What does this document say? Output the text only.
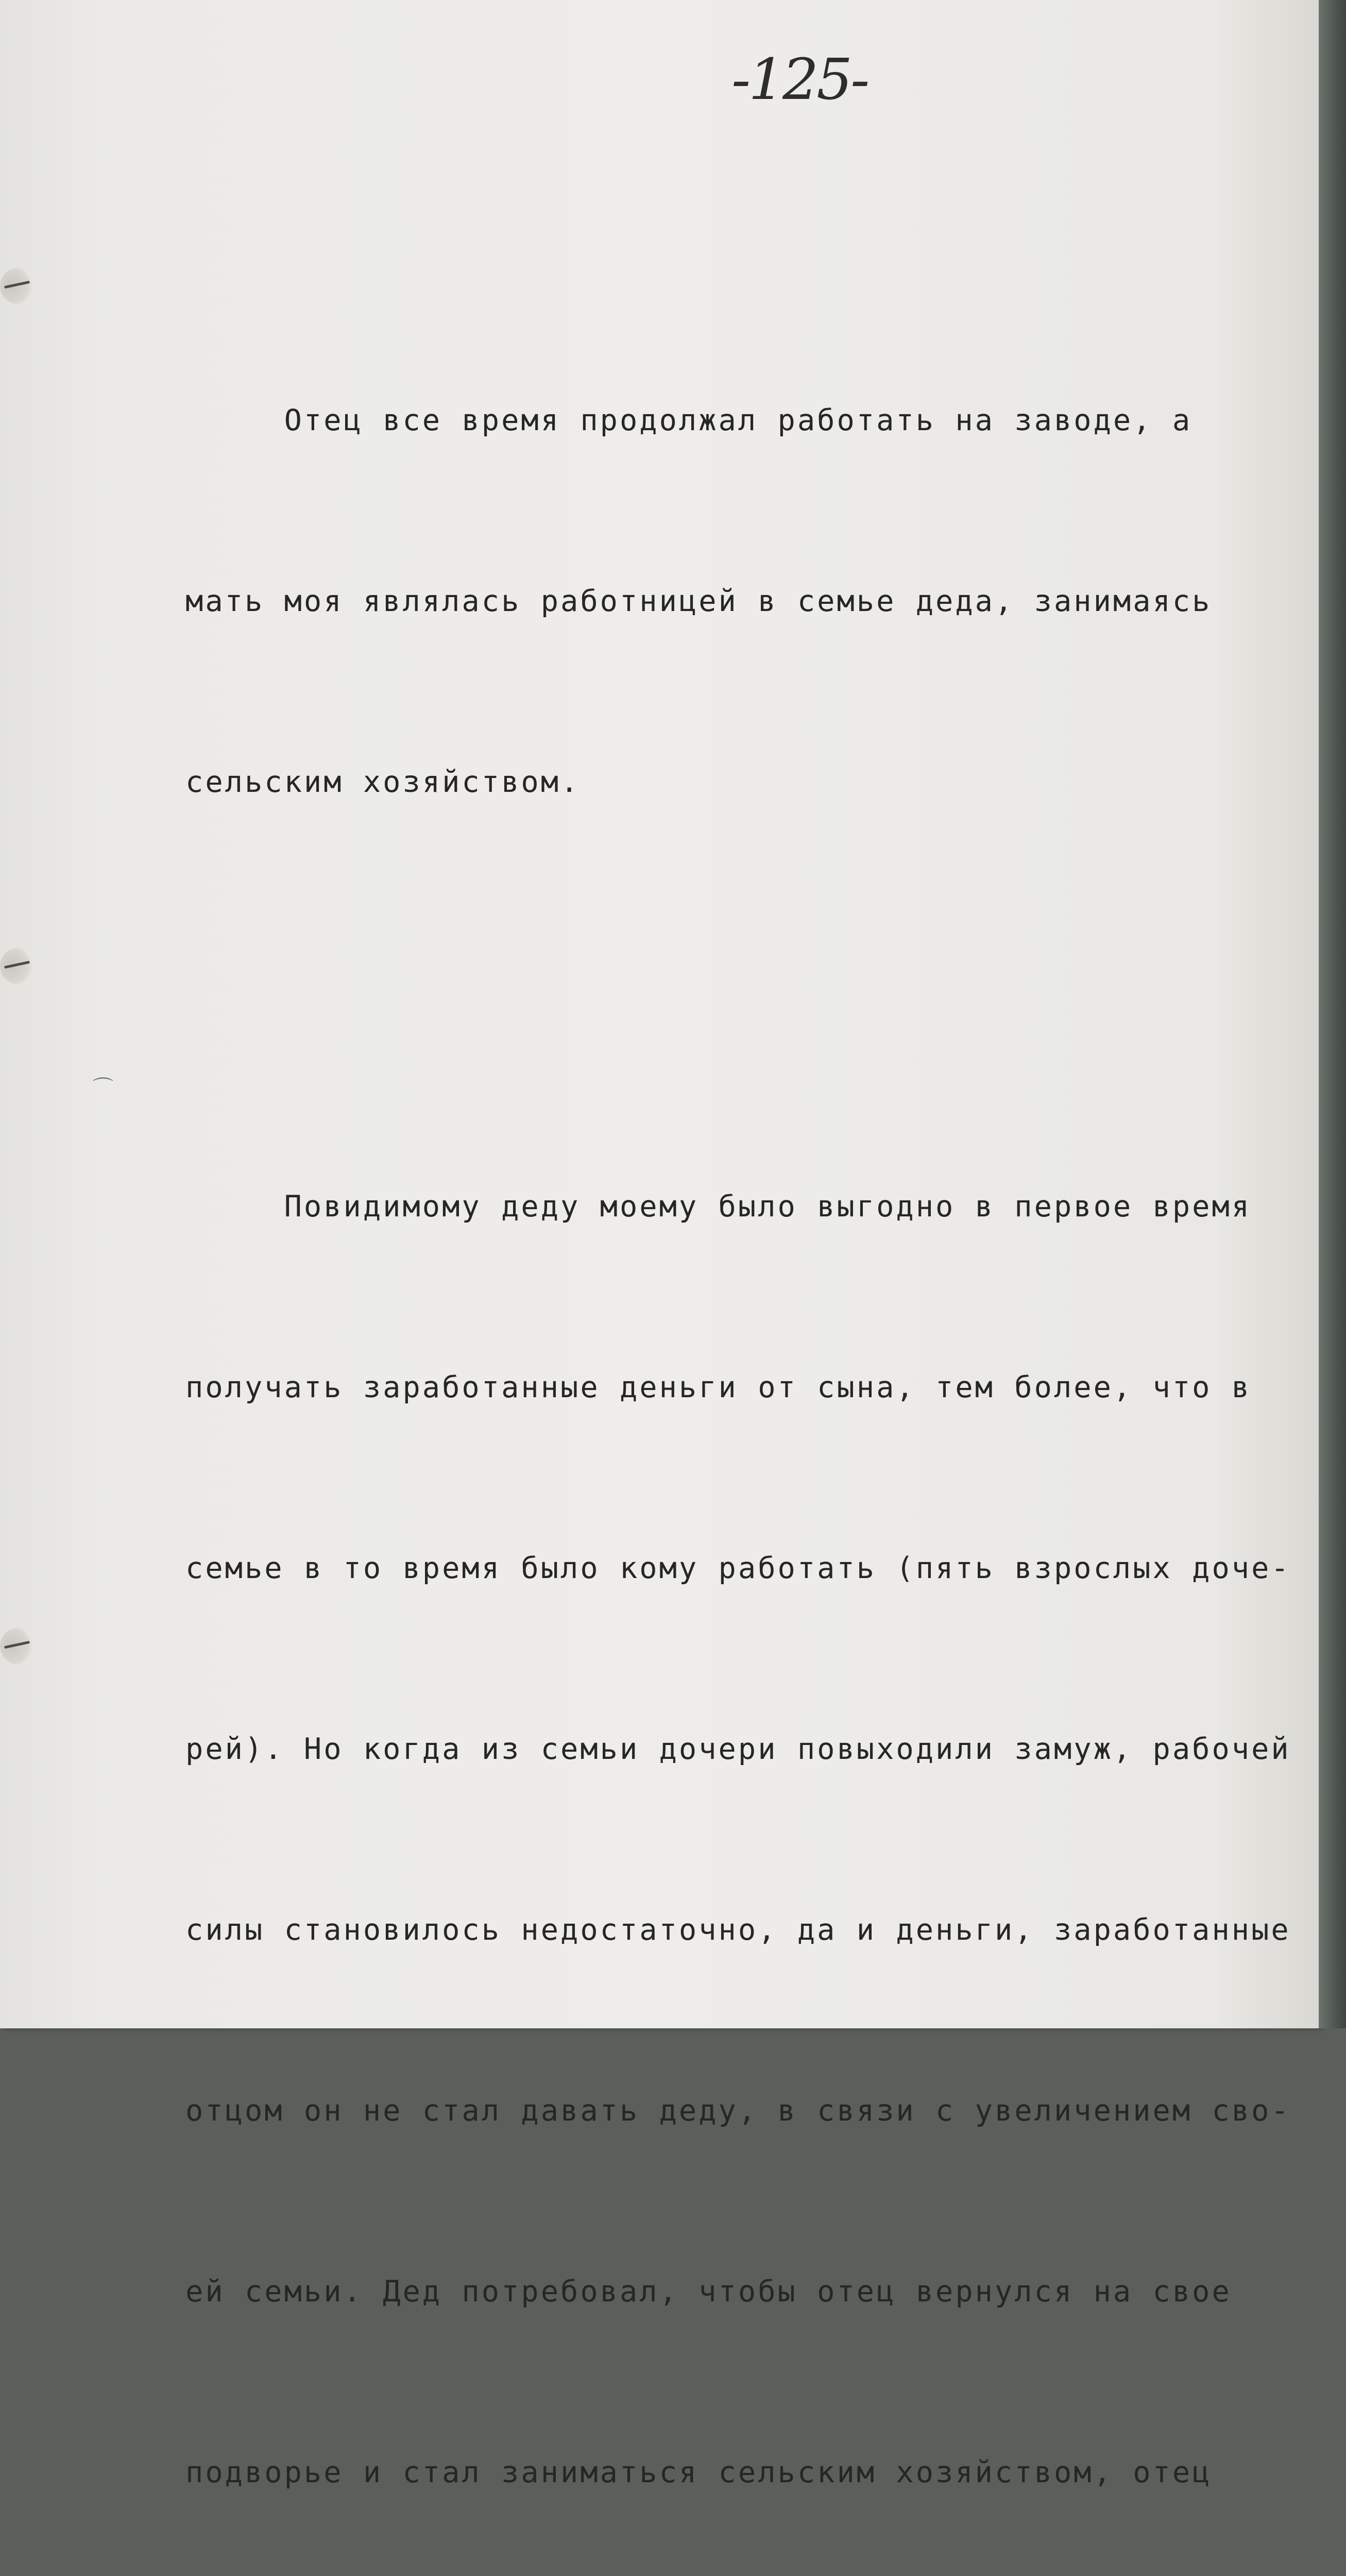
-125-
⌒

Отец все время продолжал работать на заводе, а

мать моя являлась работницей в семье деда, занимаясь

сельским хозяйством.

Повидимому деду моему было выгодно в первое время

получать заработанные деньги от сына, тем более, что в

семье в то время было кому работать (пять взрослых доче-

рей). Но когда из семьи дочери повыходили замуж, рабочей

силы становилось недостаточно, да и деньги, заработанные

отцом он не стал давать деду, в связи с увеличением сво-

ей семьи. Дед потребовал, чтобы отец вернулся на свое

подворье и стал заниматься сельским хозяйством, отец
